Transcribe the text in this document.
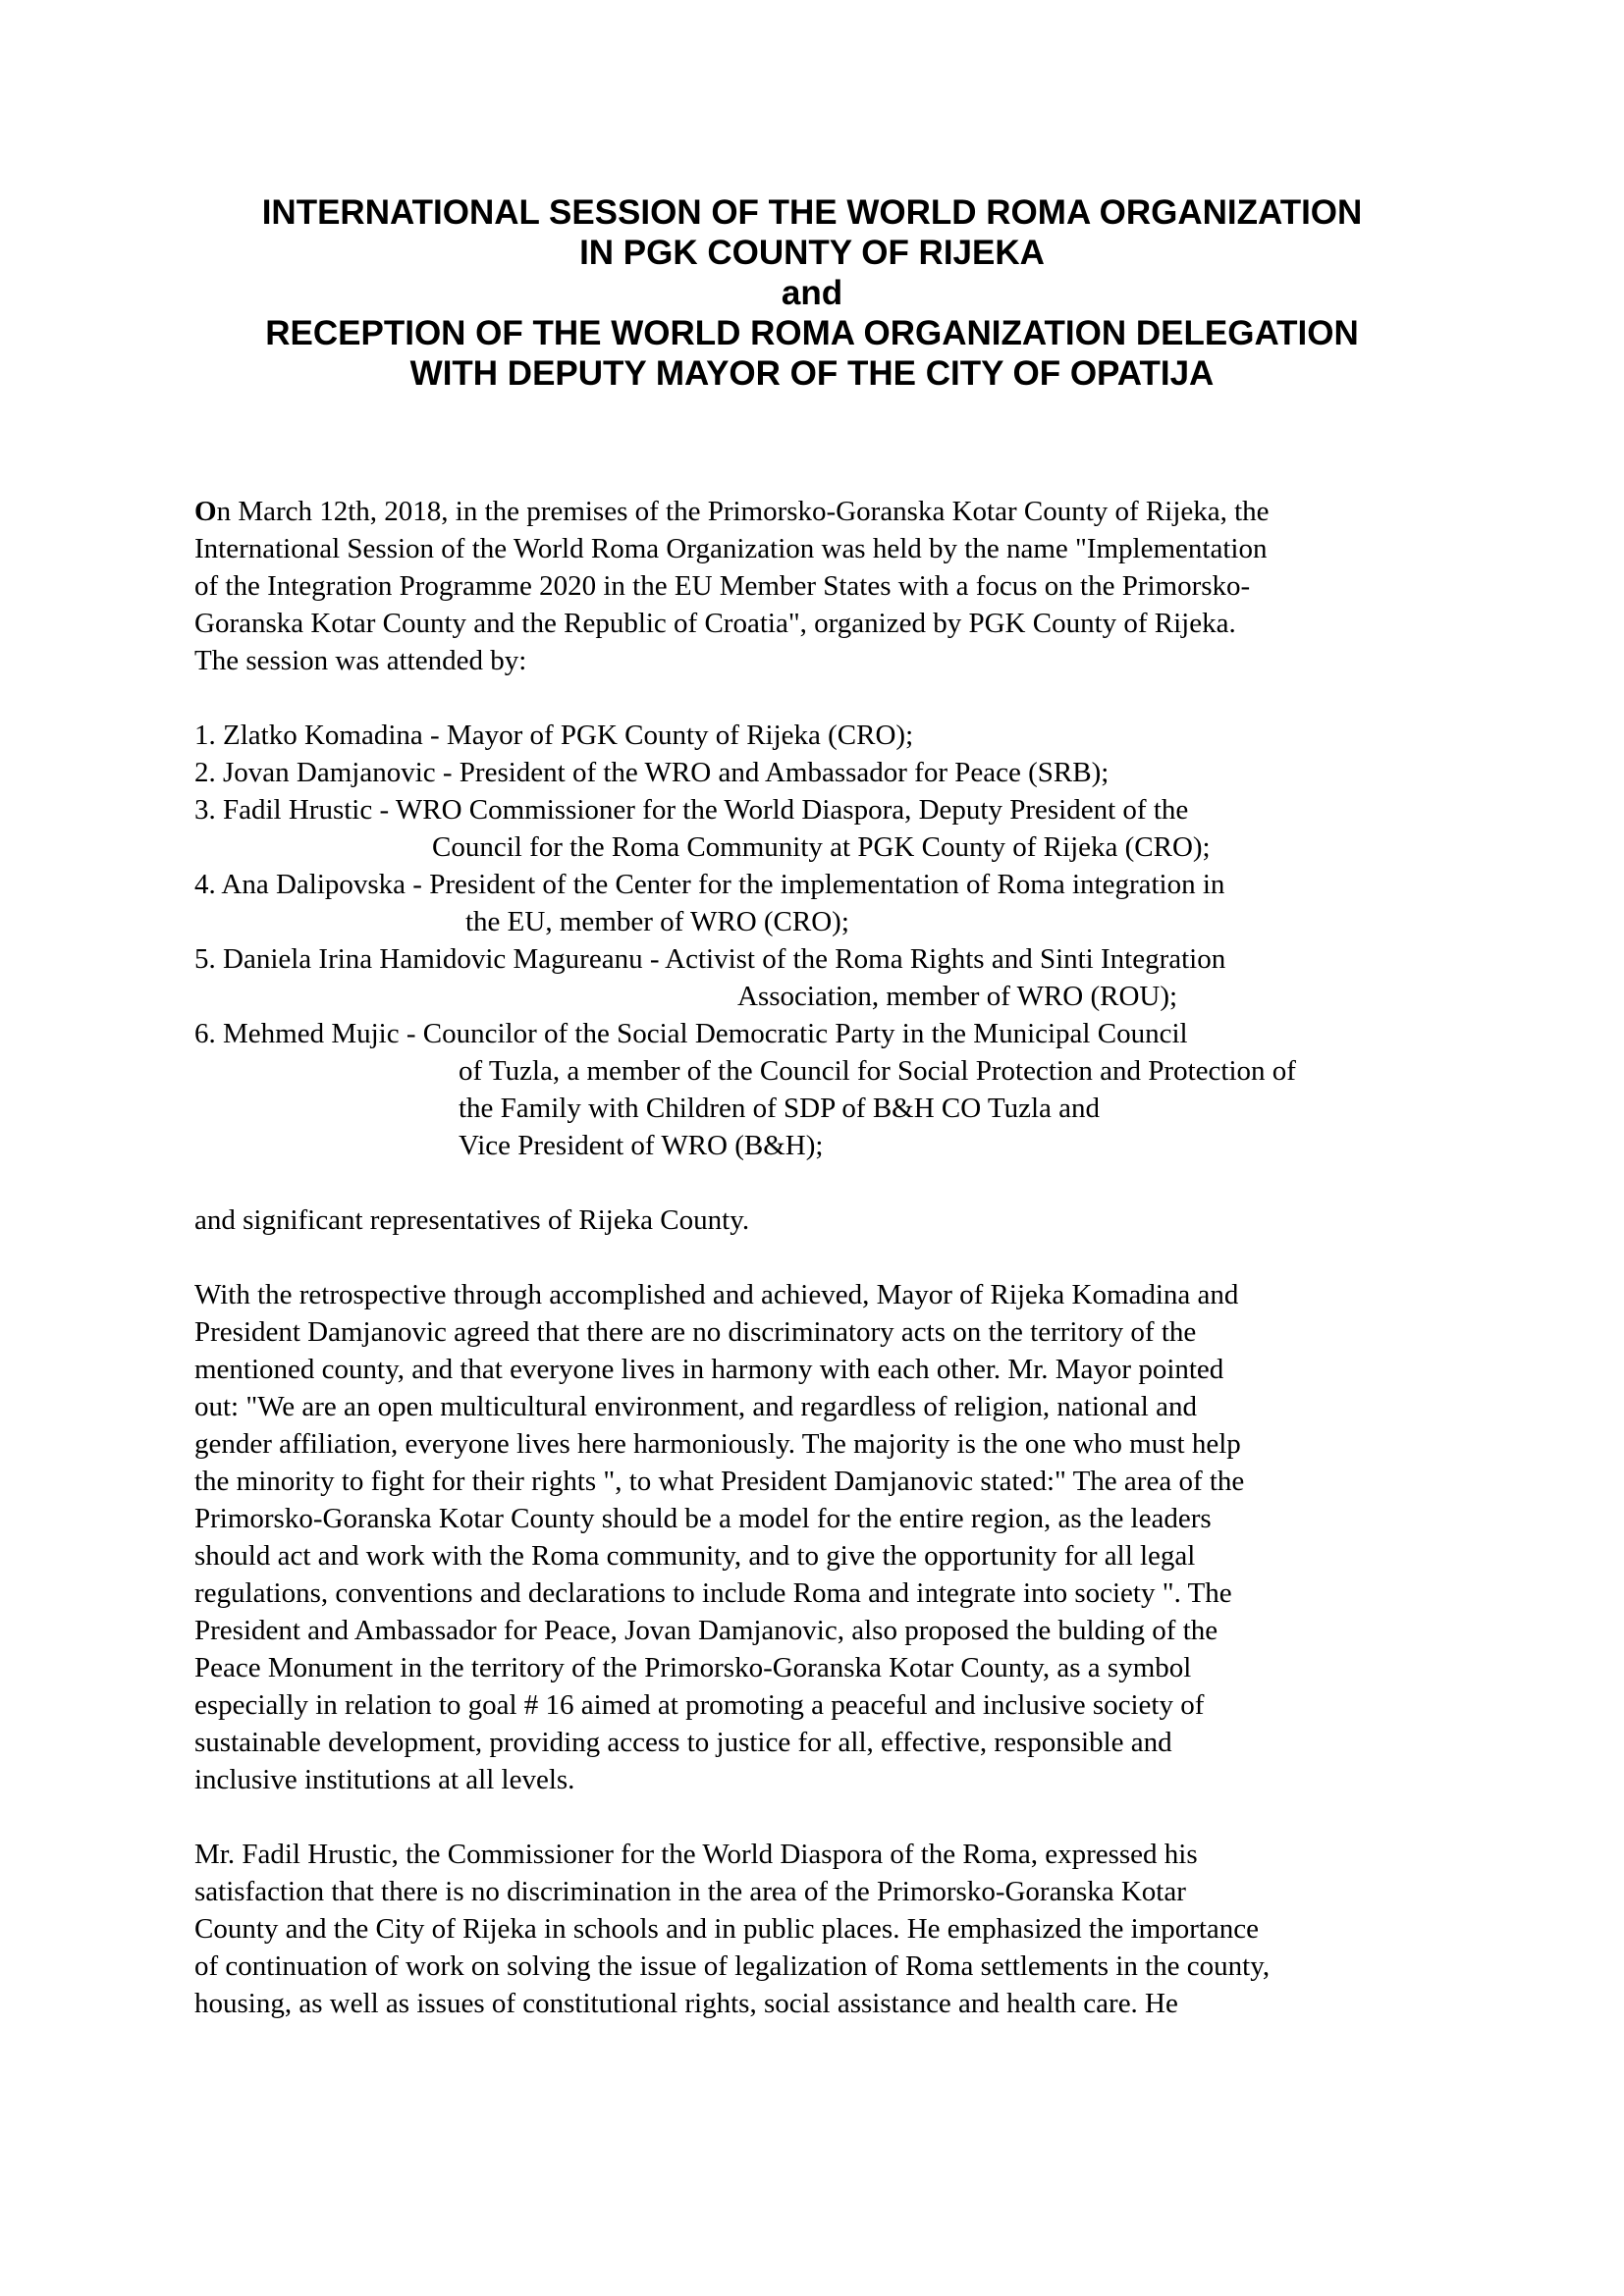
INTERNATIONAL SESSION OF THE WORLD ROMA ORGANIZATION
IN PGK COUNTY OF RIJEKA
and
RECEPTION OF THE WORLD ROMA ORGANIZATION DELEGATION
WITH DEPUTY MAYOR OF THE CITY OF OPATIJA

On March 12th, 2018, in the premises of the Primorsko-Goranska Kotar County of Rijeka, the

International Session of the World Roma Organization was held by the name "Implementation

of the Integration Programme 2020 in the EU Member States with a focus on the Primorsko-

Goranska Kotar County and the Republic of Croatia", organized by PGK County of Rijeka.

The session was attended by:

1. Zlatko Komadina - Mayor of PGK County of Rijeka (CRO);

2. Jovan Damjanovic - President of the WRO and Ambassador for Peace (SRB);

3. Fadil Hrustic - WRO Commissioner for the World Diaspora, Deputy President of the

Council for the Roma Community at PGK County of Rijeka (CRO);

4. Ana Dalipovska - President of the Center for the implementation of Roma integration in

the EU, member of WRO (CRO);

5. Daniela Irina Hamidovic Magureanu - Activist of the Roma Rights and Sinti Integration

Association, member of WRO (ROU);

6. Mehmed Mujic - Councilor of the Social Democratic Party in the Municipal Council

of Tuzla, a member of the Council for Social Protection and Protection of

the Family with Children of SDP of B&H CO Tuzla and

Vice President of WRO (B&H);

and significant representatives of Rijeka County.

With the retrospective through accomplished and achieved, Mayor of Rijeka Komadina and

President Damjanovic agreed that there are no discriminatory acts on the territory of the

mentioned county, and that everyone lives in harmony with each other. Mr. Mayor pointed

out: "We are an open multicultural environment, and regardless of religion, national and

gender affiliation, everyone lives here harmoniously. The majority is the one who must help

the minority to fight for their rights ", to what President Damjanovic stated:" The area of the

Primorsko-Goranska Kotar County should be a model for the entire region, as the leaders

should act and work with the Roma community, and to give the opportunity for all legal

regulations, conventions and declarations to include Roma and integrate into society ". The

President and Ambassador for Peace, Jovan Damjanovic, also proposed the bulding of the

Peace Monument in the territory of the Primorsko-Goranska Kotar County, as a symbol

especially in relation to goal # 16 aimed at promoting a peaceful and inclusive society of

sustainable development, providing access to justice for all, effective, responsible and

inclusive institutions at all levels.

Mr. Fadil Hrustic, the Commissioner for the World Diaspora of the Roma, expressed his

satisfaction that there is no discrimination in the area of the Primorsko-Goranska Kotar

County and the City of Rijeka in schools and in public places. He emphasized the importance

of continuation of work on solving the issue of legalization of Roma settlements in the county,

housing, as well as issues of constitutional rights, social assistance and health care. He
